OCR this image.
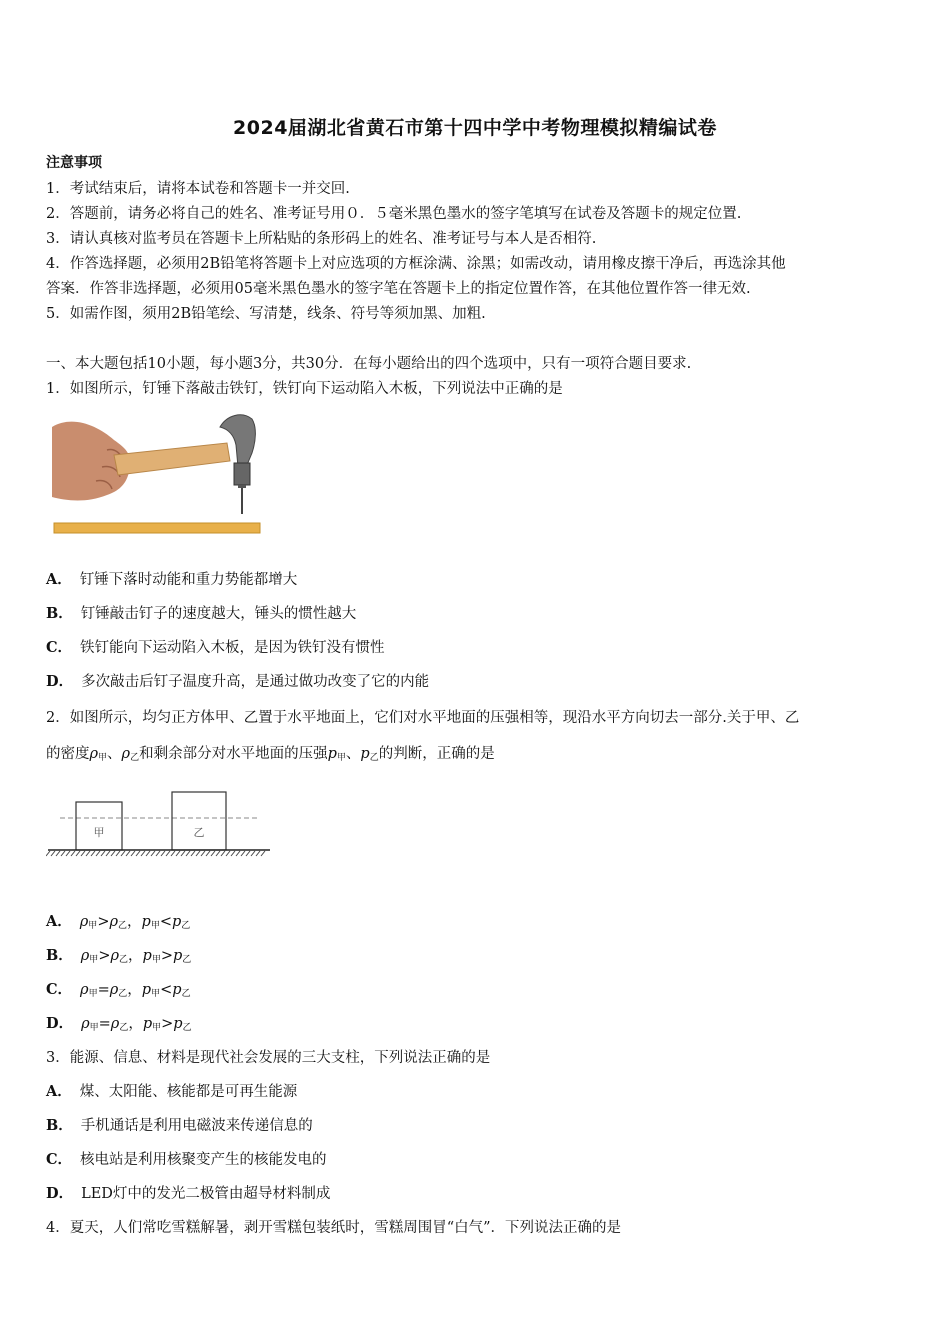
2024届湖北省黄石市第十四中学中考物理模拟精编试卷
注意事项
1．考试结束后，请将本试卷和答题卡一并交回.
2．答题前，请务必将自己的姓名、准考证号用０．５毫米黑色墨水的签字笔填写在试卷及答题卡的规定位置.
3．请认真核对监考员在答题卡上所粘贴的条形码上的姓名、准考证号与本人是否相符.
4．作答选择题，必须用2B铅笔将答题卡上对应选项的方框涂满、涂黑；如需改动，请用橡皮擦干净后，再选涂其他
答案．作答非选择题，必须用05毫米黑色墨水的签字笔在答题卡上的指定位置作答，在其他位置作答一律无效.
5．如需作图，须用2B铅笔绘、写清楚，线条、符号等须加黑、加粗.
一、本大题包括10小题，每小题3分，共30分．在每小题给出的四个选项中，只有一项符合题目要求.
1．如图所示，钉锤下落敲击铁钉，铁钉向下运动陷入木板，下列说法中正确的是
A． 钉锤下落时动能和重力势能都增大
B． 钉锤敲击钉子的速度越大，锤头的惯性越大
C． 铁钉能向下运动陷入木板，是因为铁钉没有惯性
D． 多次敲击后钉子温度升高，是通过做功改变了它的内能
2．如图所示，均匀正方体甲、乙置于水平地面上，它们对水平地面的压强相等，现沿水平方向切去一部分.关于甲、乙
的密度$\rho_甲$、$\rho_乙$和剩余部分对水平地面的压强$p_甲$、$p_乙$的判断，正确的是
甲	乙
A． $\rho_甲>\rho_乙$，$p_甲<p_乙$
B． $\rho_甲>\rho_乙$，$p_甲>p_乙$
C． $\rho_甲=\rho_乙$，$p_甲<p_乙$
D． $\rho_甲=\rho_乙$，$p_甲>p_乙$
3．能源、信息、材料是现代社会发展的三大支柱，下列说法正确的是
A． 煤、太阳能、核能都是可再生能源
B． 手机通话是利用电磁波来传递信息的
C． 核电站是利用核聚变产生的核能发电的
D． LED灯中的发光二极管由超导材料制成
4．夏天，人们常吃雪糕解暑，剥开雪糕包装纸时，雪糕周围冒“白气”．下列说法正确的是
